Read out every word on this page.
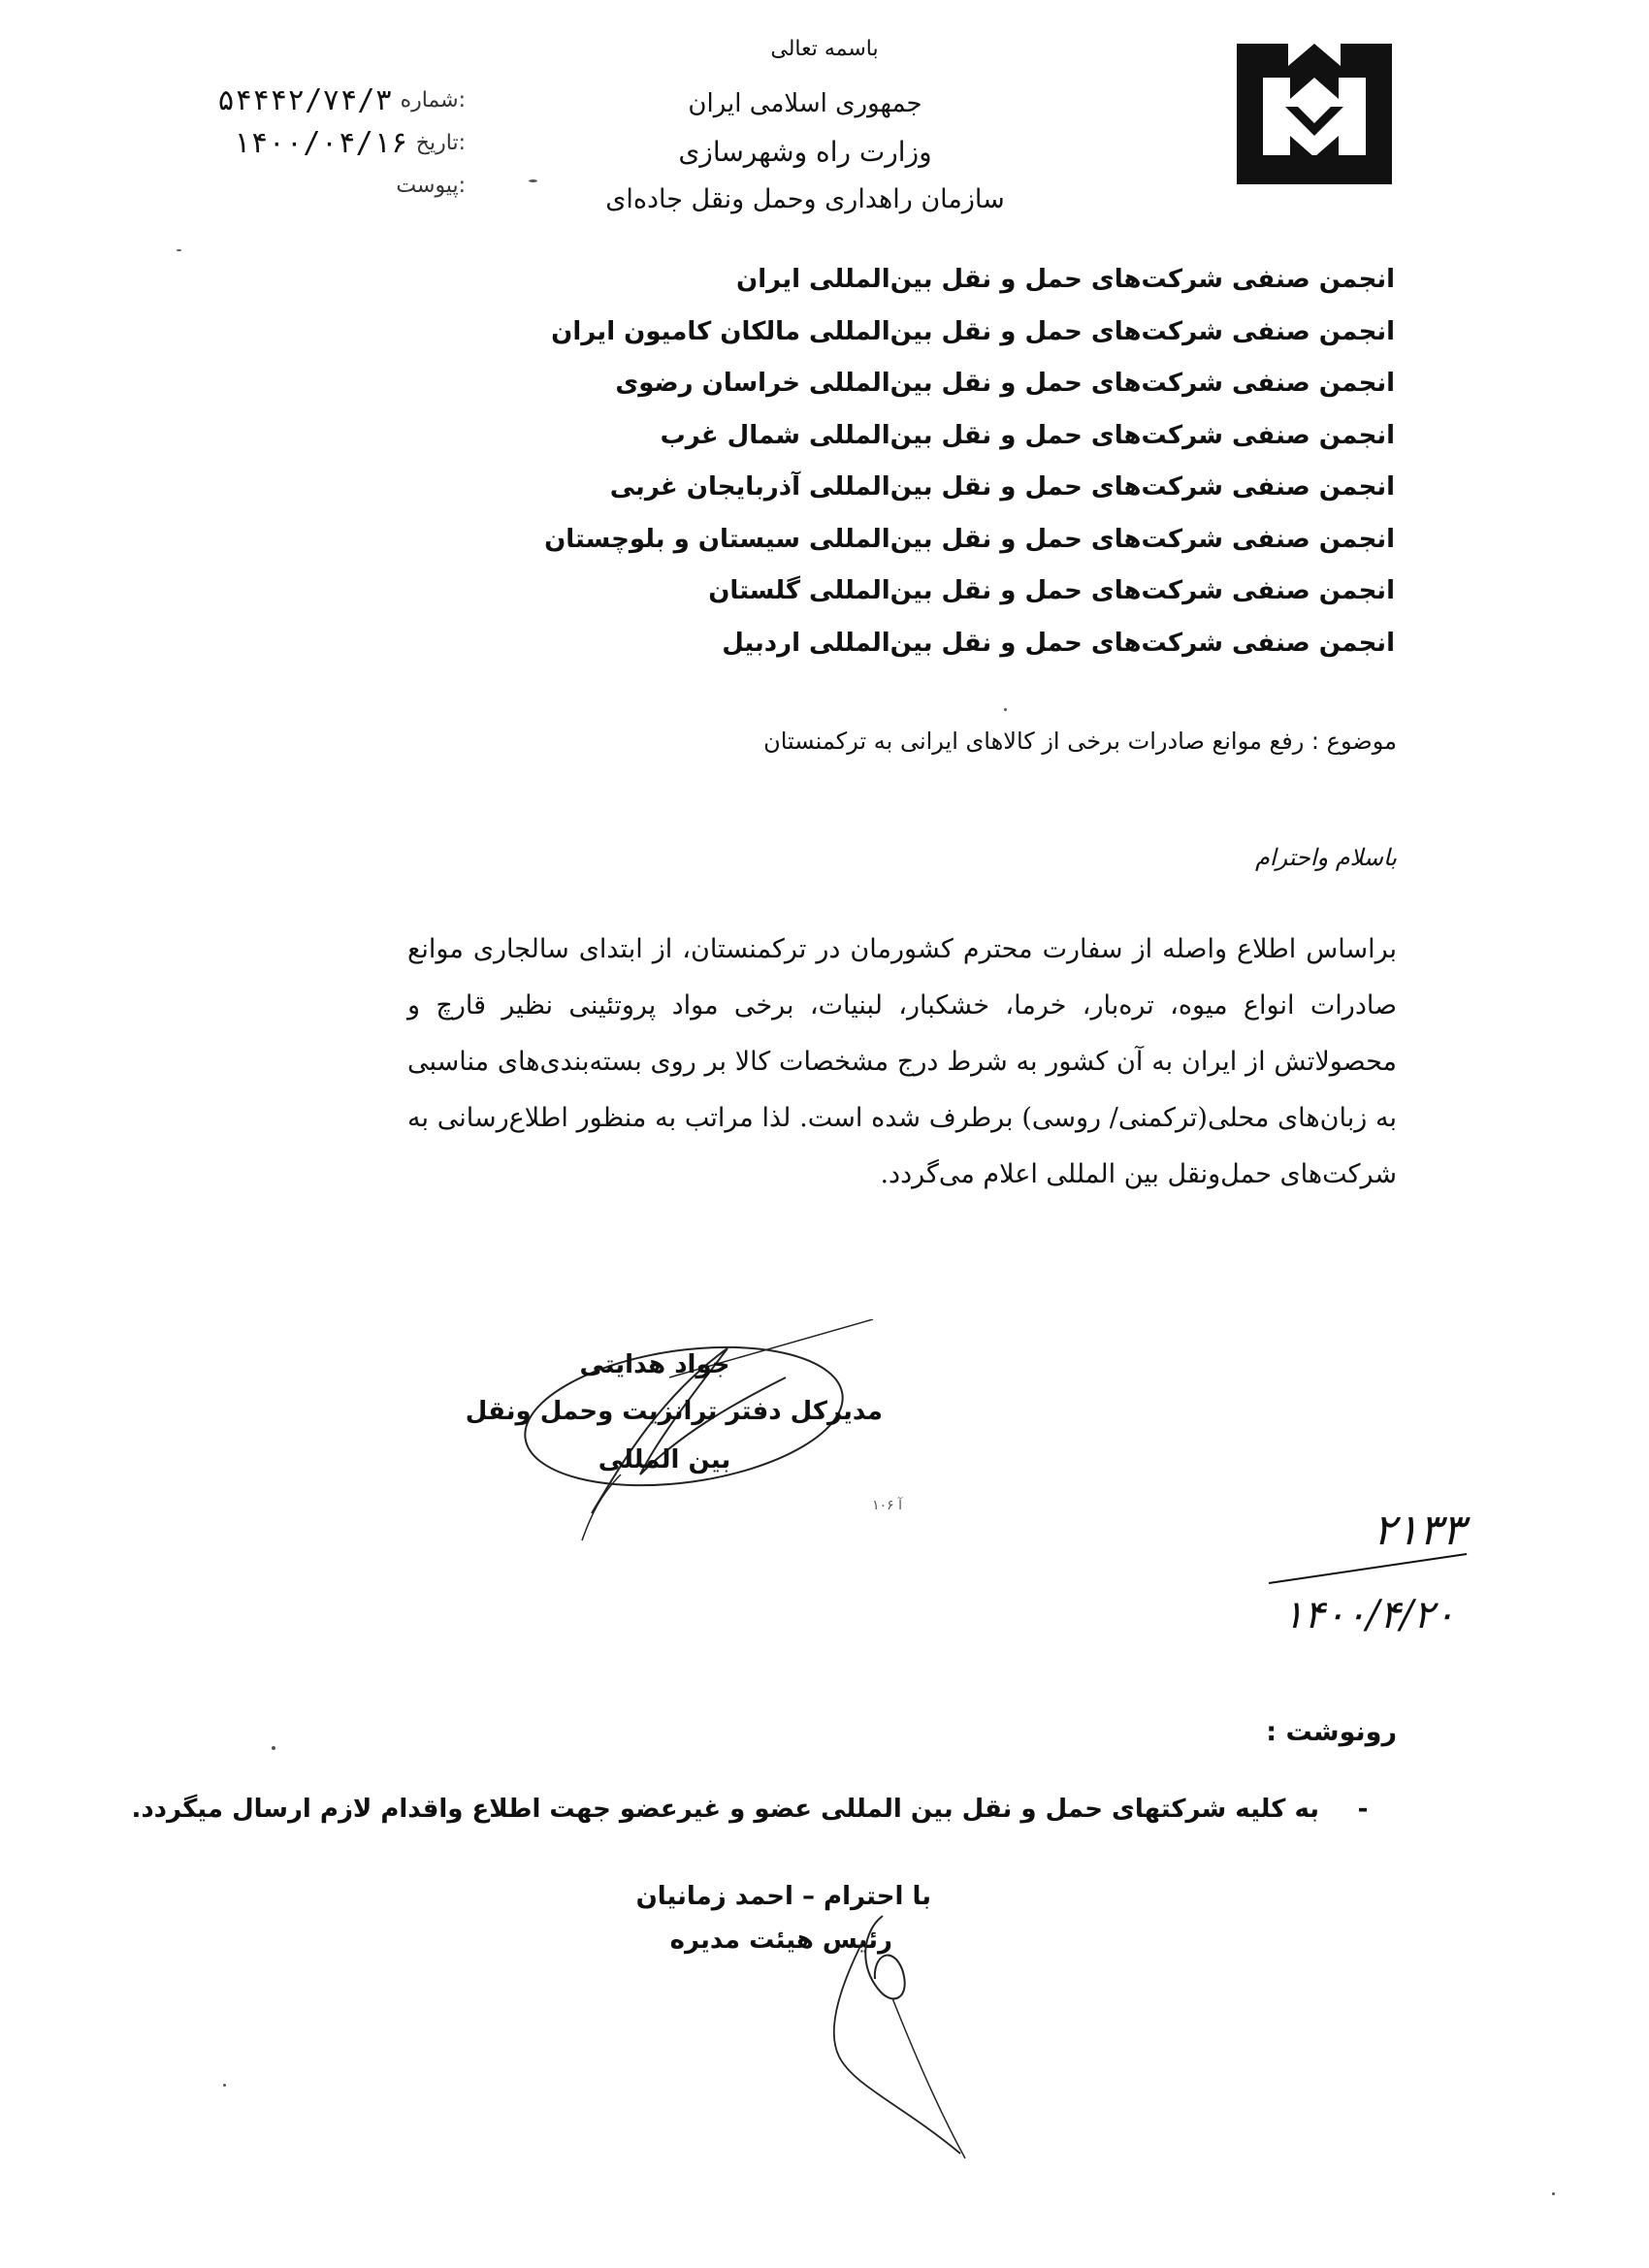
باسمه تعالی
جمهوری اسلامی ایران
وزارت راه وشهرسازی
سازمان راهداری وحمل ونقل جاده‌ای
شماره:
۵۴۴۴۲/۷۴/۳
تاریخ:
۱۴۰۰/۰۴/۱۶
پیوست:
انجمن صنفی شرکت‌های حمل و نقل بین‌المللی ایران
انجمن صنفی شرکت‌های حمل و نقل بین‌المللی مالکان کامیون ایران
انجمن صنفی شرکت‌های حمل و نقل بین‌المللی خراسان رضوی
انجمن صنفی شرکت‌های حمل و نقل بین‌المللی شمال غرب
انجمن صنفی شرکت‌های حمل و نقل بین‌المللی آذربایجان غربی
انجمن صنفی شرکت‌های حمل و نقل بین‌المللی سیستان و بلوچستان
انجمن صنفی شرکت‌های حمل و نقل بین‌المللی گلستان
انجمن صنفی شرکت‌های حمل و نقل بین‌المللی اردبیل
موضوع : رفع موانع صادرات برخی از کالاهای ایرانی به ترکمنستان
باسلام واحترام
براساس اطلاع واصله از سفارت محترم کشورمان در ترکمنستان، از ابتدای سالجاری موانع صادرات انواع میوه، تره‌بار، خرما، خشکبار، لبنیات، برخی مواد پروتئینی نظیر قارچ و محصولاتش از ایران به آن کشور به شرط درج مشخصات کالا بر روی بسته‌بندی‌های مناسبی به زبان‌های محلی(ترکمنی/ روسی) برطرف شده است. لذا مراتب به منظور اطلاع‌رسانی به شرکت‌های حمل‌ونقل بین المللی اعلام می‌گردد.
جواد هدایتی
مدیرکل دفتر ترانزیت وحمل ونقل
بین المللی
آ ۱۰۶	۲۱۳۳
۱۴۰۰/۴/۲۰
رونوشت :
-
به کلیه شرکتهای حمل و نقل بین المللی عضو و غیرعضو جهت اطلاع واقدام لازم ارسال میگردد.
با احترام – احمد زمانیان
رئیس هیئت مدیره
